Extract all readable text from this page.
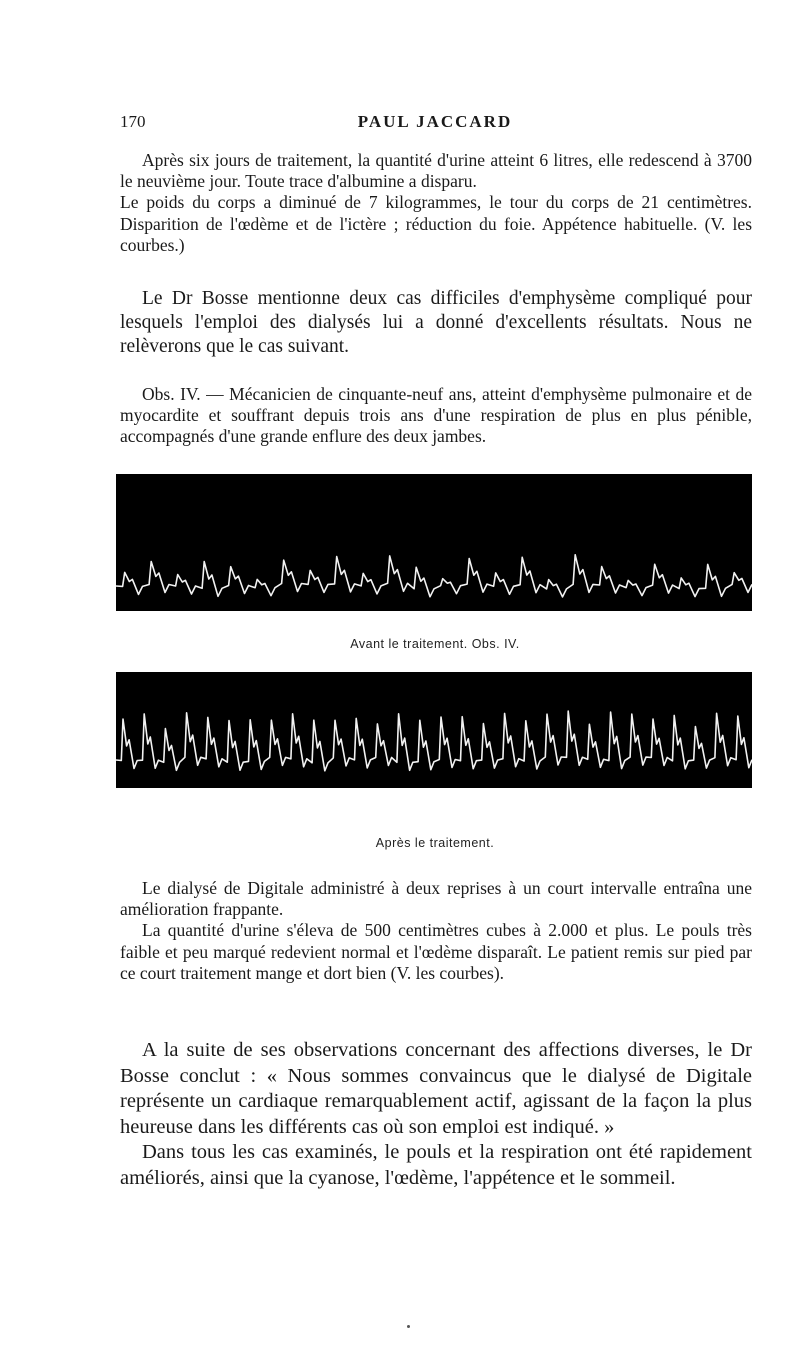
170	PAUL JACCARD

Après six jours de traitement, la quantité d'urine atteint 6 litres, elle redescend à 3700 le neuvième jour. Toute trace d'albumine a disparu.

Le poids du corps a diminué de 7 kilogrammes, le tour du corps de 21 centimètres. Disparition de l'œdème et de l'ictère ; réduction du foie. Appétence habituelle. (V. les courbes.)

Le Dr Bosse mentionne deux cas difficiles d'emphysème compliqué pour lesquels l'emploi des dialysés lui a donné d'excellents résultats. Nous ne relèverons que le cas suivant.

Obs. IV. — Mécanicien de cinquante-neuf ans, atteint d'emphysème pulmonaire et de myocardite et souffrant depuis trois ans d'une respiration de plus en plus pénible, accompagnés d'une grande enflure des deux jambes.

Avant le traitement. Obs. IV.
Après le traitement.

Le dialysé de Digitale administré à deux reprises à un court intervalle entraîna une amélioration frappante.

La quantité d'urine s'éleva de 500 centimètres cubes à 2.000 et plus. Le pouls très faible et peu marqué redevient normal et l'œdème disparaît. Le patient remis sur pied par ce court traitement mange et dort bien (V. les courbes).

A la suite de ses observations concernant des affections diverses, le Dr Bosse conclut : « Nous sommes convaincus que le dialysé de Digitale représente un cardiaque remarquablement actif, agissant de la façon la plus heureuse dans les différents cas où son emploi est indiqué. »

Dans tous les cas examinés, le pouls et la respiration ont été rapidement améliorés, ainsi que la cyanose, l'œdème, l'appétence et le sommeil.
